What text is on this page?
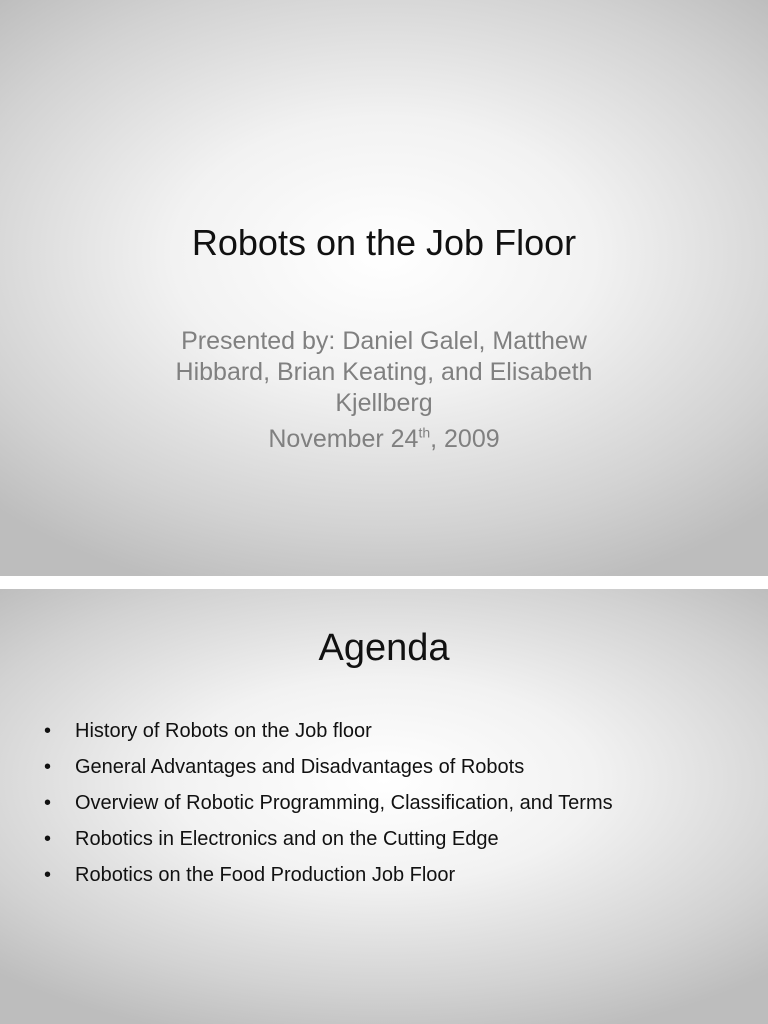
Robots on the Job Floor
Presented by: Daniel Galel, Matthew
Hibbard, Brian Keating, and Elisabeth
Kjellberg
November 24th, 2009
Agenda
• History of Robots on the Job floor
• General Advantages and Disadvantages of Robots
• Overview of Robotic Programming, Classification, and Terms
• Robotics in Electronics and on the Cutting Edge
• Robotics on the Food Production Job Floor
